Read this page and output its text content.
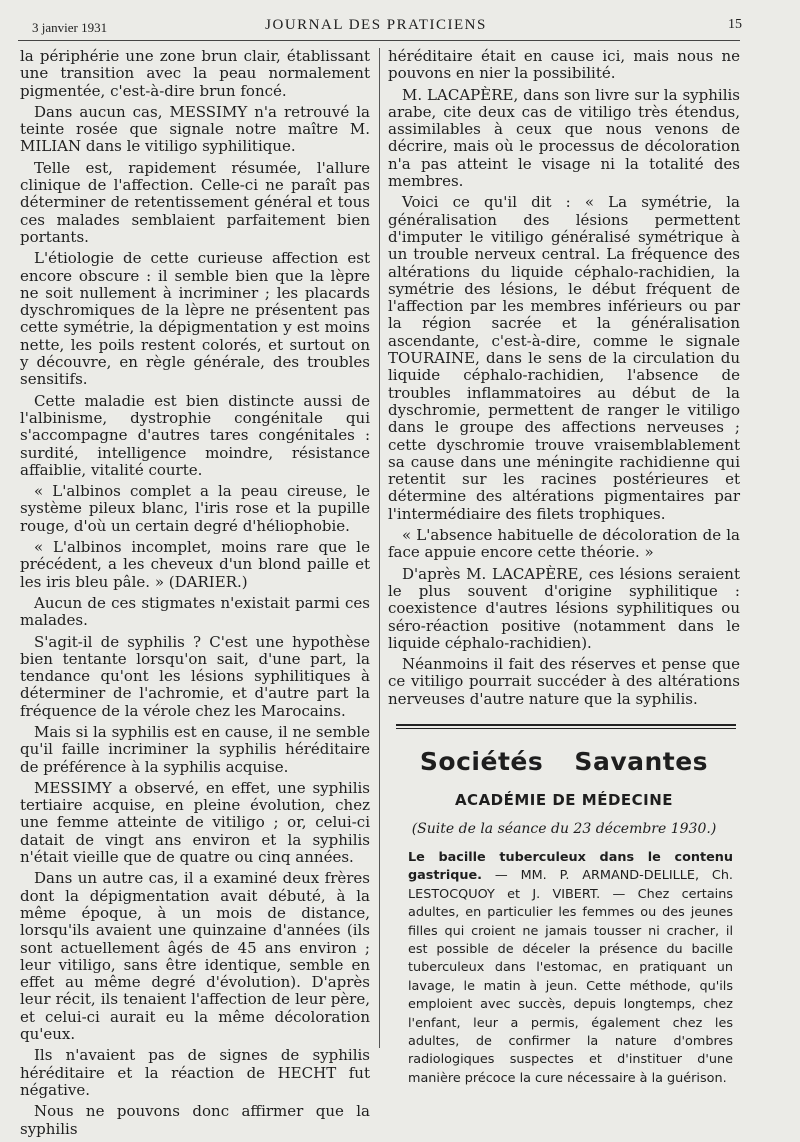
3 janvier 1931	JOURNAL DES PRATICIENS	15

la périphérie une zone brun clair, établissant une transition avec la peau normalement pigmentée, c'est-à-dire brun foncé.

Dans aucun cas, MESSIMY n'a retrouvé la teinte rosée que signale notre maître M. MILIAN dans le vitiligo syphilitique.

Telle est, rapidement résumée, l'allure clinique de l'affection. Celle-ci ne paraît pas déterminer de retentissement général et tous ces malades semblaient parfaitement bien portants.

L'étiologie de cette curieuse affection est encore obscure : il semble bien que la lèpre ne soit nullement à incriminer ; les placards dyschromiques de la lèpre ne présentent pas cette symétrie, la dépigmentation y est moins nette, les poils restent colorés, et surtout on y découvre, en règle générale, des troubles sensitifs.

Cette maladie est bien distincte aussi de l'albinisme, dystrophie congénitale qui s'accompagne d'autres tares congénitales : surdité, intelligence moindre, résistance affaiblie, vitalité courte.

« L'albinos complet a la peau cireuse, le système pileux blanc, l'iris rose et la pupille rouge, d'où un certain degré d'héliophobie.

« L'albinos incomplet, moins rare que le précédent, a les cheveux d'un blond paille et les iris bleu pâle. » (DARIER.)

Aucun de ces stigmates n'existait parmi ces malades.

S'agit-il de syphilis ? C'est une hypothèse bien tentante lorsqu'on sait, d'une part, la tendance qu'ont les lésions syphilitiques à déterminer de l'achromie, et d'autre part la fréquence de la vérole chez les Marocains.

Mais si la syphilis est en cause, il ne semble qu'il faille incriminer la syphilis héréditaire de préférence à la syphilis acquise.

MESSIMY a observé, en effet, une syphilis tertiaire acquise, en pleine évolution, chez une femme atteinte de vitiligo ; or, celui-ci datait de vingt ans environ et la syphilis n'était vieille que de quatre ou cinq années.

Dans un autre cas, il a examiné deux frères dont la dépigmentation avait débuté, à la même époque, à un mois de distance, lorsqu'ils avaient une quinzaine d'années (ils sont actuellement âgés de 45 ans environ ; leur vitiligo, sans être identique, semble en effet au même degré d'évolution). D'après leur récit, ils tenaient l'affection de leur père, et celui-ci aurait eu la même décoloration qu'eux.

Ils n'avaient pas de signes de syphilis héréditaire et la réaction de HECHT fut négative.

Nous ne pouvons donc affirmer que la syphilis

héréditaire était en cause ici, mais nous ne pouvons en nier la possibilité.

M. LACAPÈRE, dans son livre sur la syphilis arabe, cite deux cas de vitiligo très étendus, assimilables à ceux que nous venons de décrire, mais où le processus de décoloration n'a pas atteint le visage ni la totalité des membres.

Voici ce qu'il dit : « La symétrie, la généralisation des lésions permettent d'imputer le vitiligo généralisé symétrique à un trouble nerveux central. La fréquence des altérations du liquide céphalo-rachidien, la symétrie des lésions, le début fréquent de l'affection par les membres inférieurs ou par la région sacrée et la généralisation ascendante, c'est-à-dire, comme le signale TOURAINE, dans le sens de la circulation du liquide céphalo-rachidien, l'absence de troubles inflammatoires au début de la dyschromie, permettent de ranger le vitiligo dans le groupe des affections nerveuses ; cette dyschromie trouve vraisemblablement sa cause dans une méningite rachidienne qui retentit sur les racines postérieures et détermine des altérations pigmentaires par l'intermédiaire des filets trophiques.

« L'absence habituelle de décoloration de la face appuie encore cette théorie. »

D'après M. LACAPÈRE, ces lésions seraient le plus souvent d'origine syphilitique : coexistence d'autres lésions syphilitiques ou séro-réaction positive (notamment dans le liquide céphalo-rachidien).

Néanmoins il fait des réserves et pense que ce vitiligo pourrait succéder à des altérations nerveuses d'autre nature que la syphilis.

Sociétés Savantes
ACADÉMIE DE MÉDECINE
(Suite de la séance du 23 décembre 1930.)
Le bacille tuberculeux dans le contenu gastrique. — MM. P. ARMAND-DELILLE, Ch. LESTOCQUOY et J. VIBERT. — Chez certains adultes, en particulier les femmes ou des jeunes filles qui croient ne jamais tousser ni cracher, il est possible de déceler la présence du bacille tuberculeux dans l'estomac, en pratiquant un lavage, le matin à jeun. Cette méthode, qu'ils emploient avec succès, depuis longtemps, chez l'enfant, leur a permis, également chez les adultes, de confirmer la nature d'ombres radiologiques suspectes et d'instituer d'une manière précoce la cure nécessaire à la guérison.
